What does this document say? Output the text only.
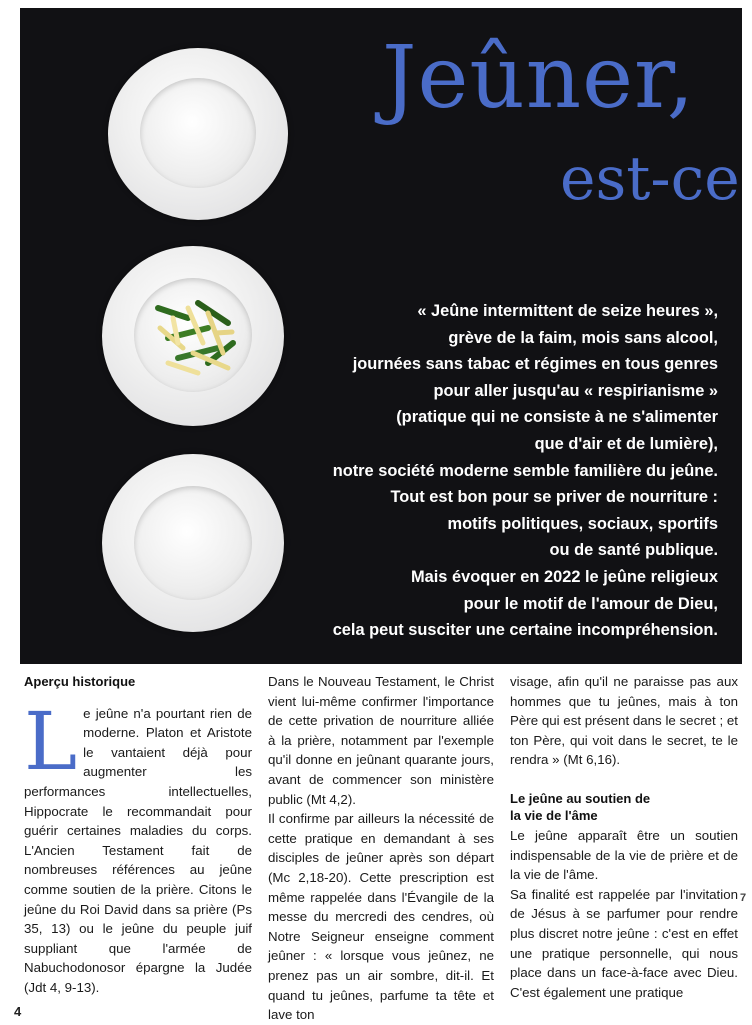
Jeûner,
est-ce
« Jeûne intermittent de seize heures »,
grève de la faim, mois sans alcool,
journées sans tabac et régimes en tous genres
pour aller jusqu'au « respirianisme »
(pratique qui ne consiste à ne s'alimenter
que d'air et de lumière),
notre société moderne semble familière du jeûne.
Tout est bon pour se priver de nourriture :
motifs politiques, sociaux, sportifs
ou de santé publique.
Mais évoquer en 2022 le jeûne religieux
pour le motif de l'amour de Dieu,
cela peut susciter une certaine incompréhension.
Aperçu historique

Le jeûne n'a pourtant rien de moderne. Platon et Aristote le vantaient déjà pour augmenter les performances intellectuelles, Hippocrate le recommandait pour guérir certaines maladies du corps. L'Ancien Testament fait de nombreuses références au jeûne comme soutien de la prière. Citons le jeûne du Roi David dans sa prière (Ps 35, 13) ou le jeûne du peuple juif suppliant que l'armée de Nabuchodonosor épargne la Judée (Jdt 4, 9-13).

Dans le Nouveau Testament, le Christ vient lui-même confirmer l'importance de cette privation de nourriture alliée à la prière, notamment par l'exemple qu'il donne en jeûnant quarante jours, avant de commencer son ministère public (Mt 4,2).

Il confirme par ailleurs la nécessité de cette pratique en demandant à ses disciples de jeûner après son départ (Mc 2,18-20). Cette prescription est même rappelée dans l'Évangile de la messe du mercredi des cendres, où Notre Seigneur enseigne comment jeûner : « lorsque vous jeûnez, ne prenez pas un air sombre, dit-il. Et quand tu jeûnes, parfume ta tête et lave ton

visage, afin qu'il ne paraisse pas aux hommes que tu jeûnes, mais à ton Père qui est présent dans le secret ; et ton Père, qui voit dans le secret, te le rendra » (Mt 6,16).

Le jeûne au soutien de
la vie de l'âme

Le jeûne apparaît être un soutien indispensable de la vie de prière et de la vie de l'âme.

Sa finalité est rappelée par l'invitation de Jésus à se parfumer pour rendre plus discret notre jeûne : c'est en effet une pratique personnelle, qui nous place dans un face-à-face avec Dieu. C'est également une pratique

4
7
